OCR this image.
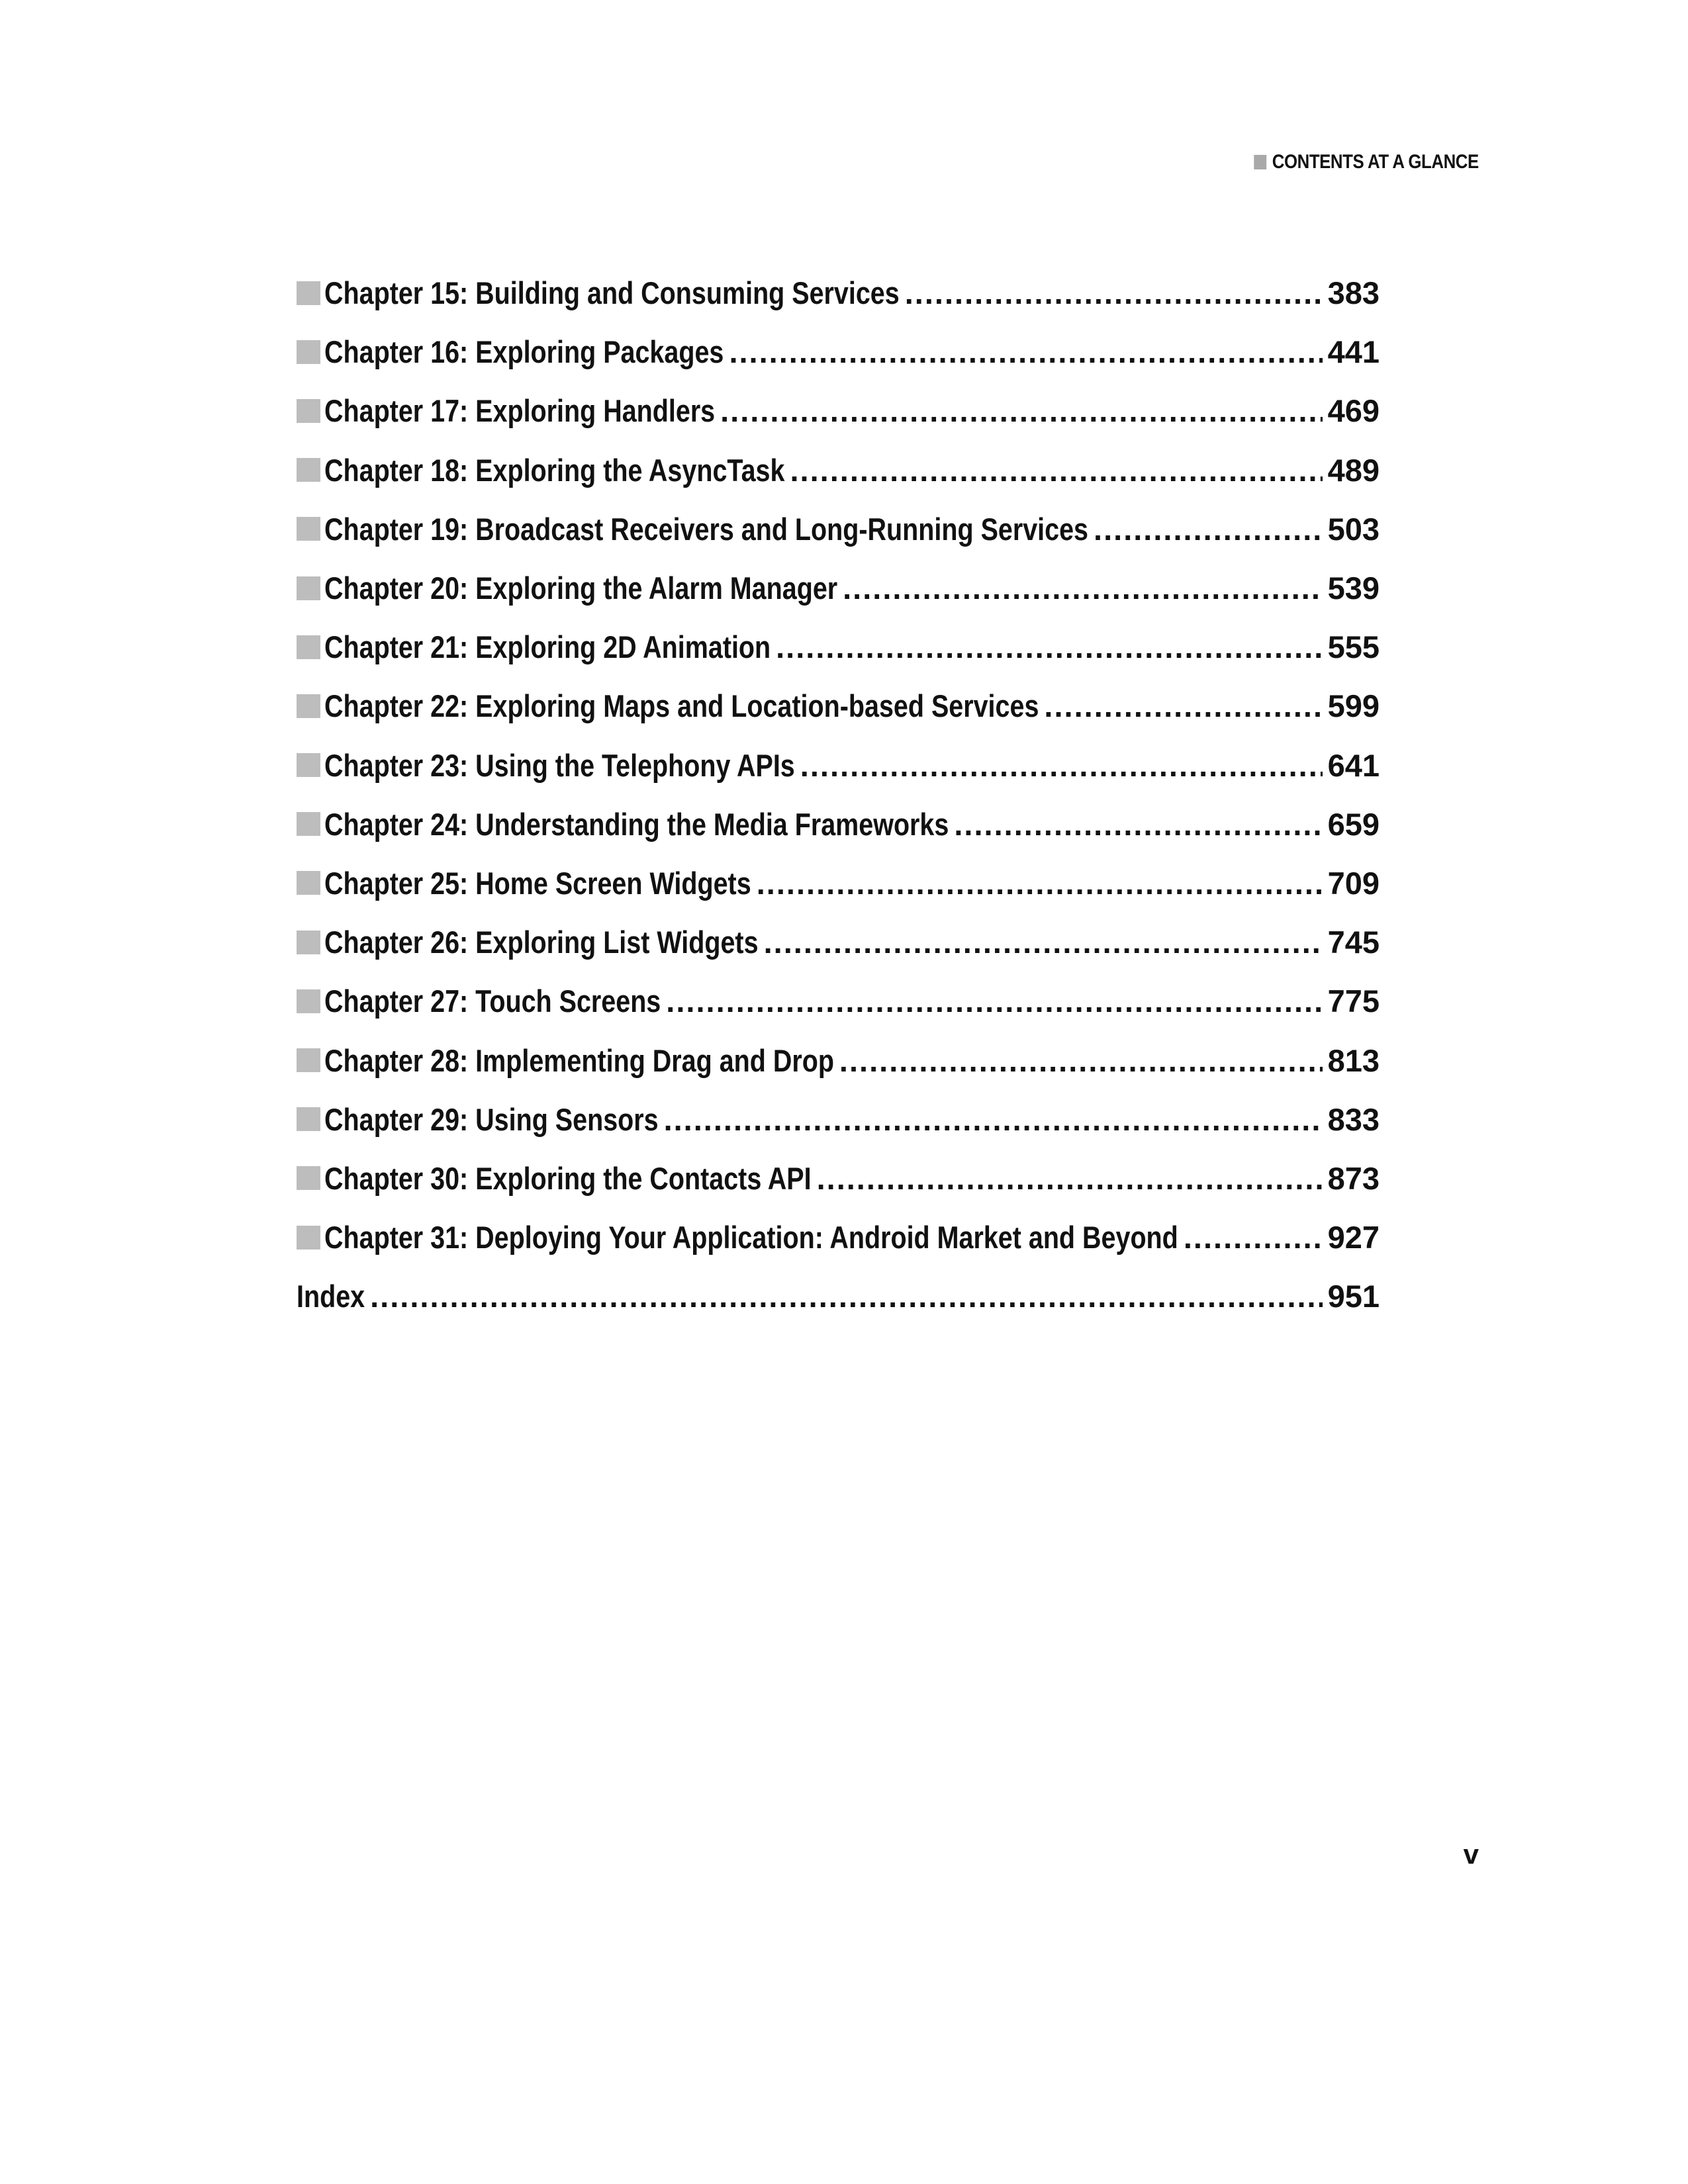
CONTENTS AT A GLANCE
Chapter 15: Building and Consuming Services .....	383
Chapter 16: Exploring Packages .....	441
Chapter 17: Exploring Handlers .....	469
Chapter 18: Exploring the AsyncTask .....	489
Chapter 19: Broadcast Receivers and Long-Running Services .....	503
Chapter 20: Exploring the Alarm Manager .....	539
Chapter 21: Exploring 2D Animation .....	555
Chapter 22: Exploring Maps and Location-based Services .....	599
Chapter 23: Using the Telephony APIs .....	641
Chapter 24: Understanding the Media Frameworks .....	659
Chapter 25: Home Screen Widgets .....	709
Chapter 26: Exploring List Widgets .....	745
Chapter 27: Touch Screens .....	775
Chapter 28: Implementing Drag and Drop .....	813
Chapter 29: Using Sensors .....	833
Chapter 30: Exploring the Contacts API .....	873
Chapter 31: Deploying Your Application: Android Market and Beyond .....	927
Index .....	951
v
